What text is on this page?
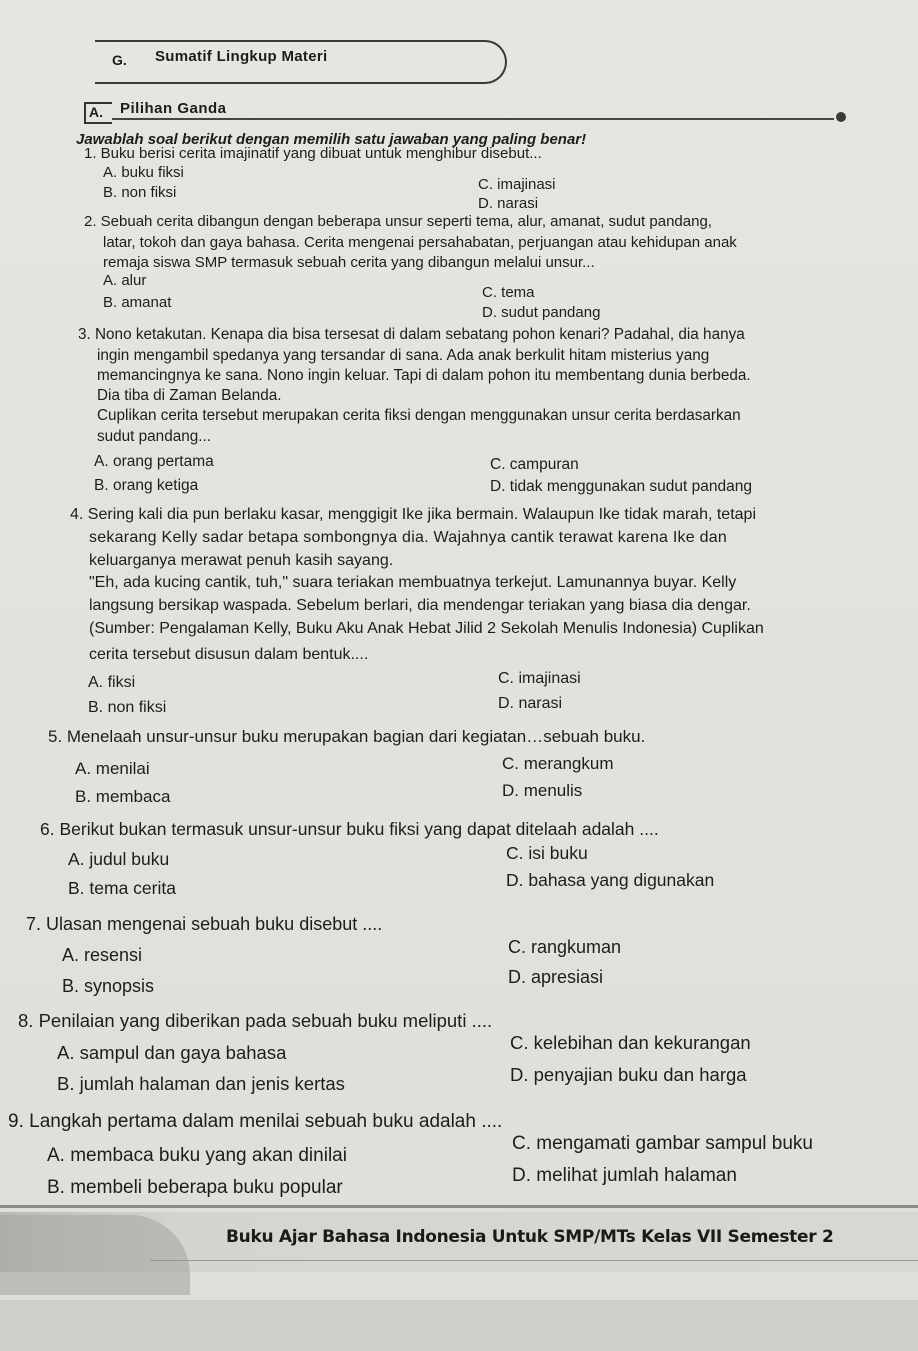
G. Sumatif Lingkup Materi
A. Pilihan Ganda
Jawablah soal berikut dengan memilih satu jawaban yang paling benar!
1. Buku berisi cerita imajinatif yang dibuat untuk menghibur disebut...
A. buku fiksi
B. non fiksi	C. imajinasi
D. narasi
2. Sebuah cerita dibangun dengan beberapa unsur seperti tema, alur, amanat, sudut pandang,
latar, tokoh dan gaya bahasa. Cerita mengenai persahabatan, perjuangan atau kehidupan anak
remaja siswa SMP termasuk sebuah cerita yang dibangun melalui unsur...
A. alur
B. amanat
C. tema
D. sudut pandang
3. Nono ketakutan. Kenapa dia bisa tersesat di dalam sebatang pohon kenari? Padahal, dia hanya
ingin mengambil spedanya yang tersandar di sana. Ada anak berkulit hitam misterius yang
memancingnya ke sana. Nono ingin keluar. Tapi di dalam pohon itu membentang dunia berbeda.
Dia tiba di Zaman Belanda.
Cuplikan cerita tersebut merupakan cerita fiksi dengan menggunakan unsur cerita berdasarkan
sudut pandang...
A. orang pertama
B. orang ketiga
C. campuran
D. tidak menggunakan sudut pandang
4. Sering kali dia pun berlaku kasar, menggigit Ike jika bermain. Walaupun Ike tidak marah, tetapi
sekarang Kelly sadar betapa sombongnya dia. Wajahnya cantik terawat karena Ike dan
keluarganya merawat penuh kasih sayang.
"Eh, ada kucing cantik, tuh," suara teriakan membuatnya terkejut. Lamunannya buyar. Kelly
langsung bersikap waspada. Sebelum berlari, dia mendengar teriakan yang biasa dia dengar.
(Sumber: Pengalaman Kelly, Buku Aku Anak Hebat Jilid 2 Sekolah Menulis Indonesia) Cuplikan
cerita tersebut disusun dalam bentuk....
A. fiksi
B. non fiksi
C. imajinasi
D. narasi
5. Menelaah unsur-unsur buku merupakan bagian dari kegiatan…sebuah buku.
A. menilai
B. membaca
C. merangkum
D. menulis
6. Berikut bukan termasuk unsur-unsur buku fiksi yang dapat ditelaah adalah ....
A. judul buku
B. tema cerita
C. isi buku
D. bahasa yang digunakan
7. Ulasan mengenai sebuah buku disebut ....
A. resensi
B. synopsis
C. rangkuman
D. apresiasi
8. Penilaian yang diberikan pada sebuah buku meliputi ....
A. sampul dan gaya bahasa
B. jumlah halaman dan jenis kertas
C. kelebihan dan kekurangan
D. penyajian buku dan harga
9. Langkah pertama dalam menilai sebuah buku adalah ....
A. membaca buku yang akan dinilai
B. membeli beberapa buku popular
C. mengamati gambar sampul buku
D. melihat jumlah halaman
Buku Ajar Bahasa Indonesia Untuk SMP/MTs Kelas VII Semester 2
